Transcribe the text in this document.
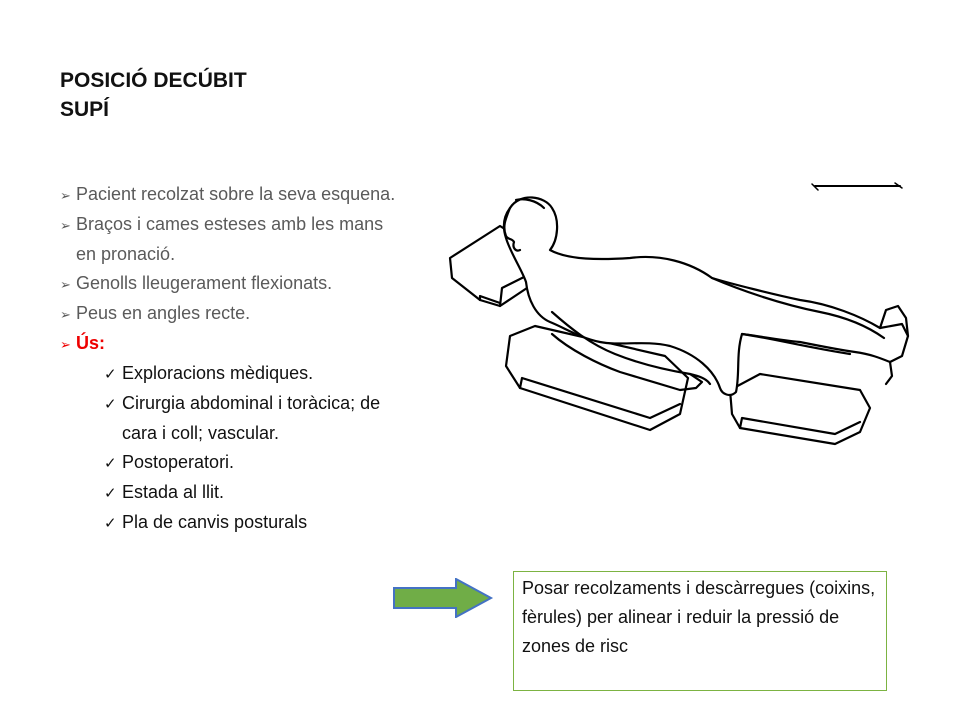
POSICIÓ DECÚBIT
SUPÍ
➢ Pacient recolzat sobre la seva esquena.
➢ Braços i cames esteses amb les mans en pronació.
➢ Genolls lleugerament flexionats.
➢ Peus en angles recte.
➢ Ús:
✓ Exploracions mèdiques.
✓ Cirurgia abdominal i toràcica; de cara i coll; vascular.
✓ Postoperatori.
✓ Estada al llit.
✓ Pla de canvis posturals
Posar recolzaments i descàrregues (coixins, fèrules) per alinear i reduir la pressió de zones de risc
